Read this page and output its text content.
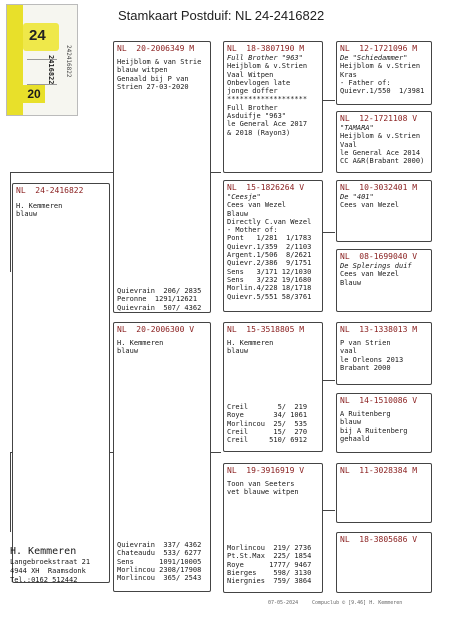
Stamkaart Postduif: NL 24-2416822
24
20
2416822 242416822
NL  24-2416822
H. Kemmeren
blauw
NL  20-2006349 M
Heijblom & van Strie
blauw witpen
Genaald bij P van
Strien 27-03-2020
Quievrain  206/ 2835
Peronne  1291/12621
Quievrain  507/ 4362
NL  20-2006300 V
H. Kemmeren
blauw
Quievrain  337/ 4362
Chateaudu  533/ 6277
Sens      1091/10005
Morlincou 2308/17908
Morlincou  365/ 2543
NL  18-3807190 M
Full Brother "963"
Heijblom & v.Strien
Vaal Witpen
Onbevlogen late
jonge doffer
*******************
Full Brother
Asduifje "963"
le General Ace 2017
& 2018 (Rayon3)
NL  15-1826264 V
"Ceesje"
Cees van Wezel
Blauw
Directly C.van Wezel
- Mother of:
Pont   1/281  1/1783
Quievr.1/359  2/1103
Argent.1/506  8/2621
Quievr.2/386  9/1751
Sens   3/171 12/1030
Sens   3/232 19/1680
Morlin.4/228 18/1718
Quievr.5/551 58/3761
NL  15-3518805 M
H. Kemmeren
blauw
Creil       5/  219
Roye       34/ 1061
Morlincou  25/  535
Creil      15/  270
Creil     510/ 6912
NL  19-3916919 V
Toon van Seeters
vet blauwe witpen
Morlincou  219/ 2736
Pt.St.Max  225/ 1854
Roye      1777/ 9467
Bierges    598/ 3130
Niergnies  759/ 3864
NL  12-1721096 M
De "Schiedammer"
Heijblom & v.Strien
Kras
- Father of:
Quievr.1/550  1/3981
NL  12-1721108 V
"TAMARA"
Heijblom & v.Strien
Vaal
le General Ace 2014
CC A&R(Brabant 2000)
NL  10-3032401 M
De "401"
Cees van Wezel
NL  08-1699040 V
De Splerings duif
Cees van Wezel
Blauw
NL  13-1338013 M
P van Strien
vaal
le Orleons 2013
Brabant 2000
NL  14-1510086 V
A Ruitenberg
blauw
bij A Ruitenberg
gehaald
NL  11-3028384 M
NL  18-3805686 V
H. Kemmeren
Langebroekstraat 21
4944 XH  Raamsdonk
Tel.:0162 512442
07-05-2024	Compuclub © [9.46] H. Kemmeren
